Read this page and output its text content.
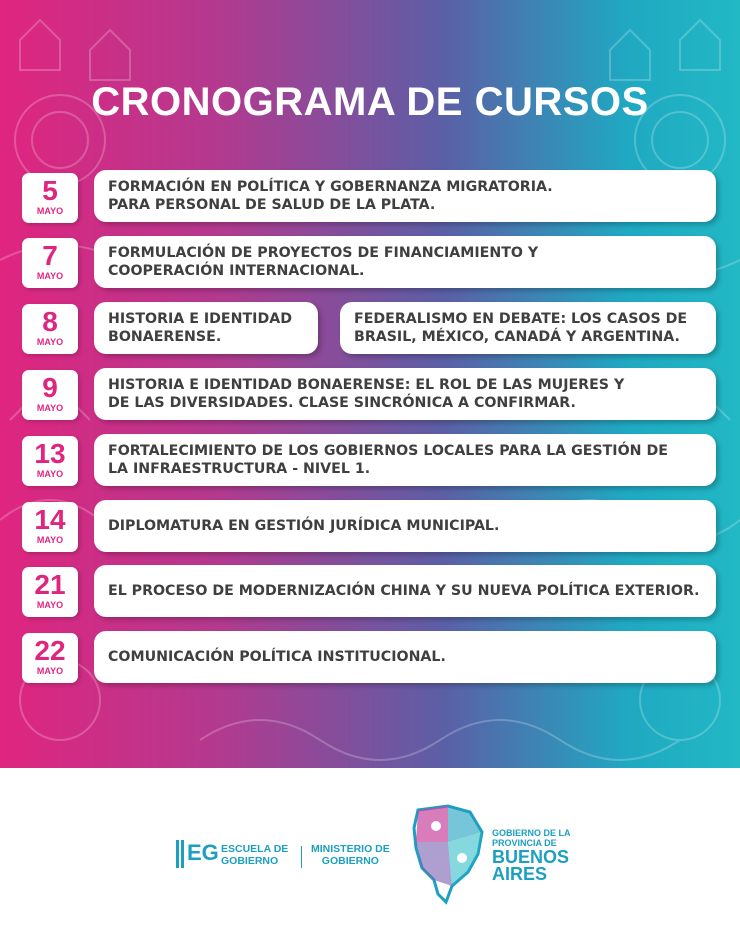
CRONOGRAMA DE CURSOS
5
MAYO
FORMACIÓN EN POLÍTICA Y GOBERNANZA MIGRATORIA.
PARA PERSONAL DE SALUD DE LA PLATA.
7
MAYO
FORMULACIÓN DE PROYECTOS DE FINANCIAMIENTO Y
COOPERACIÓN INTERNACIONAL.
8
MAYO
HISTORIA E IDENTIDAD
BONAERENSE.
FEDERALISMO EN DEBATE: LOS CASOS DE
BRASIL, MÉXICO, CANADÁ Y ARGENTINA.
9
MAYO
HISTORIA E IDENTIDAD BONAERENSE: EL ROL DE LAS MUJERES Y
DE LAS DIVERSIDADES. CLASE SINCRÓNICA A CONFIRMAR.
13
MAYO
FORTALECIMIENTO DE LOS GOBIERNOS LOCALES PARA LA GESTIÓN DE
LA INFRAESTRUCTURA - NIVEL 1.
14
MAYO
DIPLOMATURA EN GESTIÓN JURÍDICA MUNICIPAL.
21
MAYO
EL PROCESO DE MODERNIZACIÓN CHINA Y SU NUEVA POLÍTICA EXTERIOR.
22
MAYO
COMUNICACIÓN POLÍTICA INSTITUCIONAL.
EG ESCUELA DE
GOBIERNO
MINISTERIO DE
GOBIERNO
GOBIERNO DE LA
PROVINCIA DE
BUENOS
AIRES
